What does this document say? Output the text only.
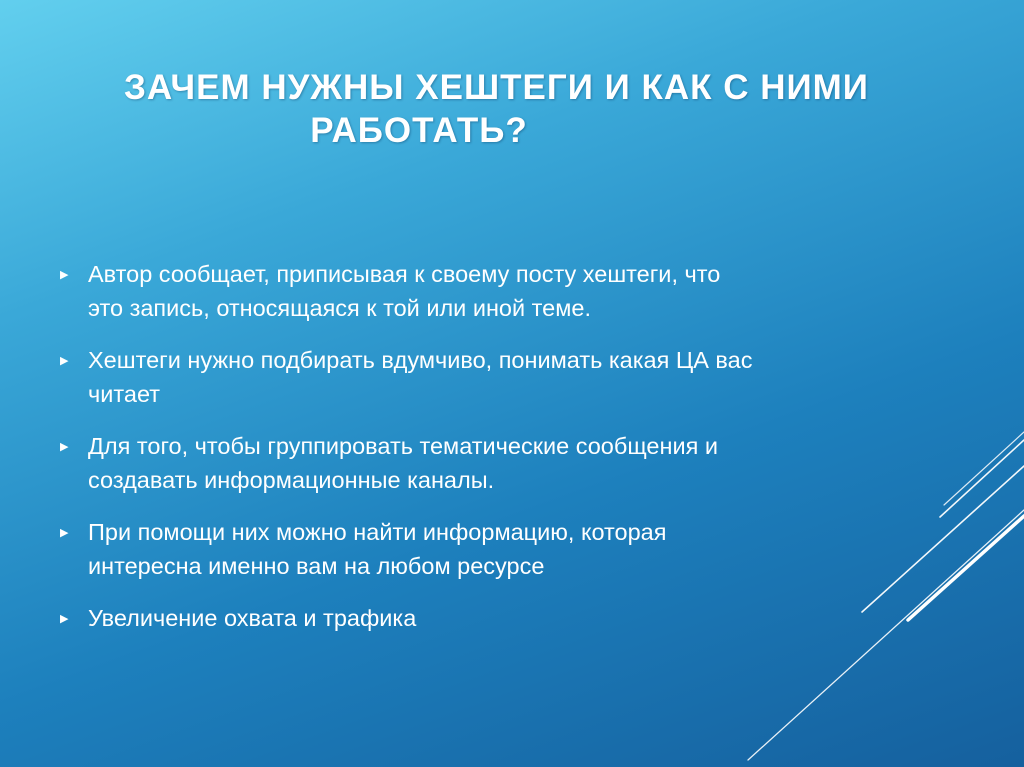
ЗАЧЕМ НУЖНЫ ХЕШТЕГИ И КАК С НИМИ
РАБОТАТЬ?
▶ Автор сообщает, приписывая к своему посту хештеги, что
это запись, относящаяся к той или иной теме.
▶ Хештеги нужно подбирать вдумчиво, понимать какая ЦА вас
читает
▶ Для того, чтобы группировать тематические сообщения и
создавать информационные каналы.
▶ При помощи них можно найти информацию, которая
интересна именно вам на любом ресурсе
▶ Увеличение охвата и трафика
